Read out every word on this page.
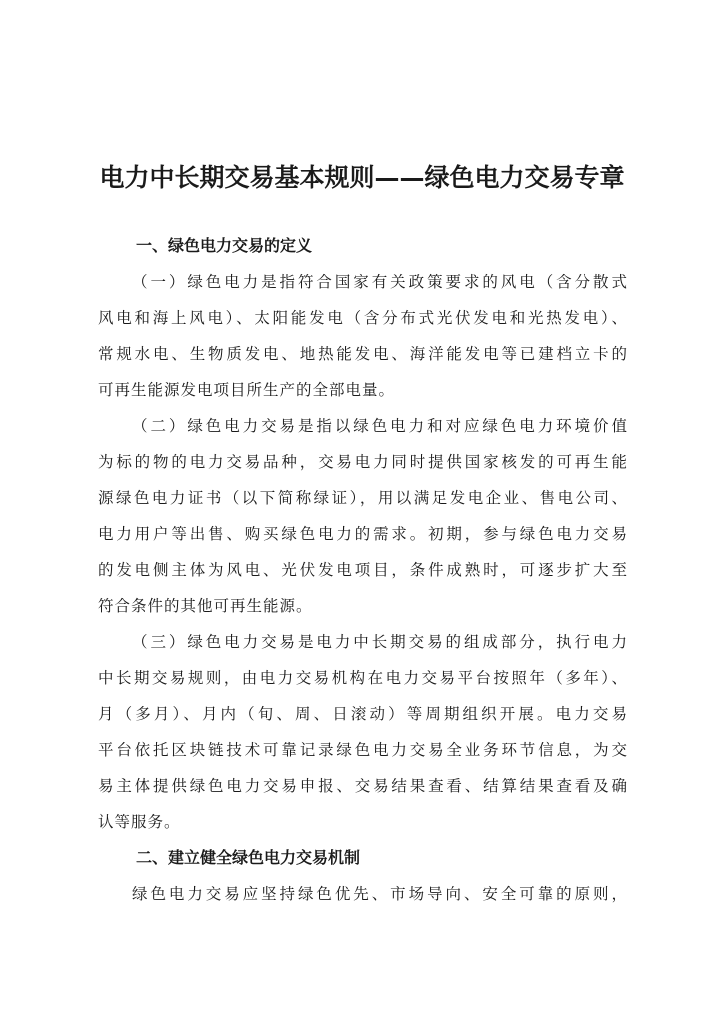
电力中长期交易基本规则——绿色电力交易专章
一、绿色电力交易的定义
（一）绿色电力是指符合国家有关政策要求的风电（含分散式
风电和海上风电）、太阳能发电（含分布式光伏发电和光热发电）、
常规水电、生物质发电、地热能发电、海洋能发电等已建档立卡的
可再生能源发电项目所生产的全部电量。
（二）绿色电力交易是指以绿色电力和对应绿色电力环境价值
为标的物的电力交易品种，交易电力同时提供国家核发的可再生能
源绿色电力证书（以下简称绿证），用以满足发电企业、售电公司、
电力用户等出售、购买绿色电力的需求。初期，参与绿色电力交易
的发电侧主体为风电、光伏发电项目，条件成熟时，可逐步扩大至
符合条件的其他可再生能源。
（三）绿色电力交易是电力中长期交易的组成部分，执行电力
中长期交易规则，由电力交易机构在电力交易平台按照年（多年）、
月（多月）、月内（旬、周、日滚动）等周期组织开展。电力交易
平台依托区块链技术可靠记录绿色电力交易全业务环节信息，为交
易主体提供绿色电力交易申报、交易结果查看、结算结果查看及确
认等服务。
二、建立健全绿色电力交易机制
绿色电力交易应坚持绿色优先、市场导向、安全可靠的原则，
